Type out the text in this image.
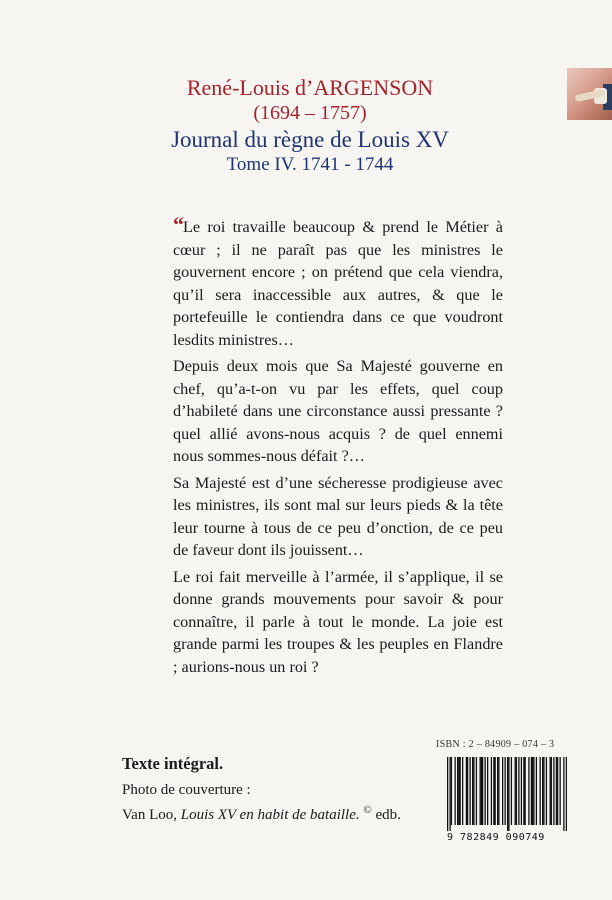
René-Louis d’ARGENSON
(1694 – 1757)
Journal du règne de Louis XV
Tome IV. 1741 - 1744

“Le roi travaille beaucoup & prend le Métier à cœur ; il ne paraît pas que les ministres le gouvernent encore ; on prétend que cela viendra, qu’il sera inaccessible aux autres, & que le portefeuille le contiendra dans ce que voudront lesdits ministres…

Depuis deux mois que Sa Majesté gouverne en chef, qu’a-t-on vu par les effets, quel coup d’habileté dans une circonstance aussi pressante ? quel allié avons-nous acquis ? de quel ennemi nous sommes-nous défait ?…

Sa Majesté est d’une sécheresse prodigieuse avec les ministres, ils sont mal sur leurs pieds & la tête leur tourne à tous de ce peu d’onction, de ce peu de faveur dont ils jouissent…

Le roi fait merveille à l’armée, il s’applique, il se donne grands mouvements pour savoir & pour connaître, il parle à tout le monde. La joie est grande parmi les troupes & les peuples en Flandre ; aurions-nous un roi ?

Texte intégral.
Photo de couverture :
Van Loo, Louis XV en habit de bataille. © edb.
ISBN : 2 – 84909 – 074 – 3
9 782849 090749
